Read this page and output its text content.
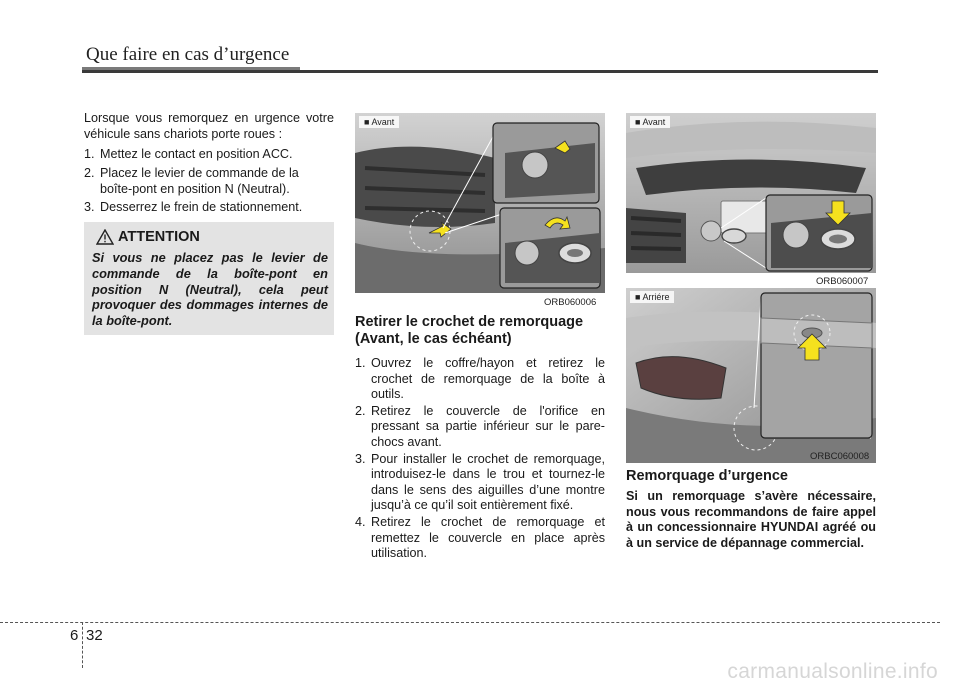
Que faire en cas d’urgence

Lorsque vous remorquez en urgence votre véhicule sans chariots porte roues :

1. Mettez le contact en position ACC.
2. Placez le levier de commande de la boîte-pont en position N (Neutral).
3. Desserrez le frein de stationnement.
ATTENTION
Si vous ne placez pas le levier de commande de la boîte-pont en position N (Neutral), cela peut provoquer des dommages internes de la boîte-pont.
■ Avant
ORB060006
Retirer le crochet de remorquage (Avant, le cas échéant)
1. Ouvrez le coffre/hayon et retirez le crochet de remorquage de la boîte à outils.
2. Retirez le couvercle de l'orifice en pressant sa partie inférieur sur le pare-chocs avant.
3. Pour installer le crochet de remorquage, introduisez-le dans le trou et tournez-le dans le sens des aiguilles d’une montre jusqu’à ce qu’il soit entièrement fixé.
4. Retirez le crochet de remorquage et remettez le couvercle en place après utilisation.
■ Avant
ORB060007
■ Arriére
ORBC060008
Remorquage d’urgence
Si un remorquage s’avère nécessaire, nous vous recommandons de faire appel à un concessionnaire HYUNDAI agréé ou à un service de dépannage commercial.
6 32
carmanualsonline.info
